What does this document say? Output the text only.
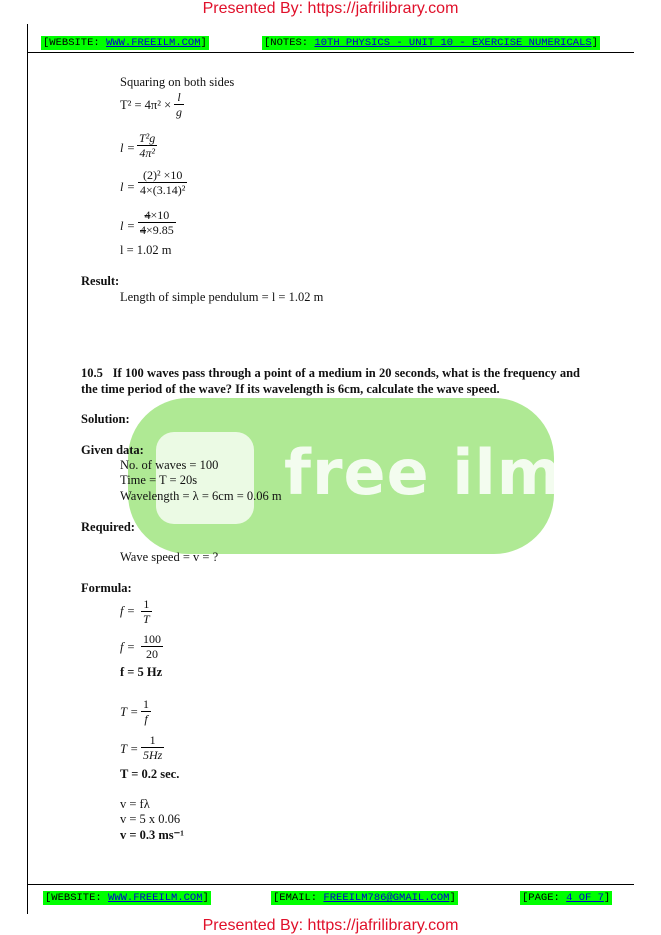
Presented By: https://jafrilibrary.com
[WEBSITE: WWW.FREEILM.COM]	[NOTES: 10TH PHYSICS - UNIT 10 - EXERCISE NUMERICALS]
free ilm.
Squaring on both sides
$T^2 = 4\pi^2 \times \frac{l}{g}$
$l = \frac{\text{T²g}}{\text{4π²}}$
$l = \frac{\text{(2)² ×10}}{\text{4×(3.14)²}}$
$l = \frac{4\times 10}{4\times 9.85}$
l = 1.02 m
Result:
Length of simple pendulum = l = 1.02 m
10.5 If 100 waves pass through a point of a medium in 20 seconds, what is the frequency and the time period of the wave? If its wavelength is 6cm, calculate the wave speed.
Solution:
Given data:
No. of waves = 100
Time = T = 20s
Wavelength = λ = 6cm = 0.06 m
Required:
Wave speed = v = ?
Formula:
$f = \frac{1}{T}$
$f = \frac{100}{20}$
f = 5 Hz
$T = \frac{1}{f}$
$T = \frac{1}{5Hz}$
T = 0.2 sec.
v = fλ
v = 5 x 0.06
v = 0.3 ms⁻¹
[WEBSITE: WWW.FREEILM.COM]	[EMAIL: FREEILM786@GMAIL.COM]	[PAGE: 4 OF 7]
Presented By: https://jafrilibrary.com
